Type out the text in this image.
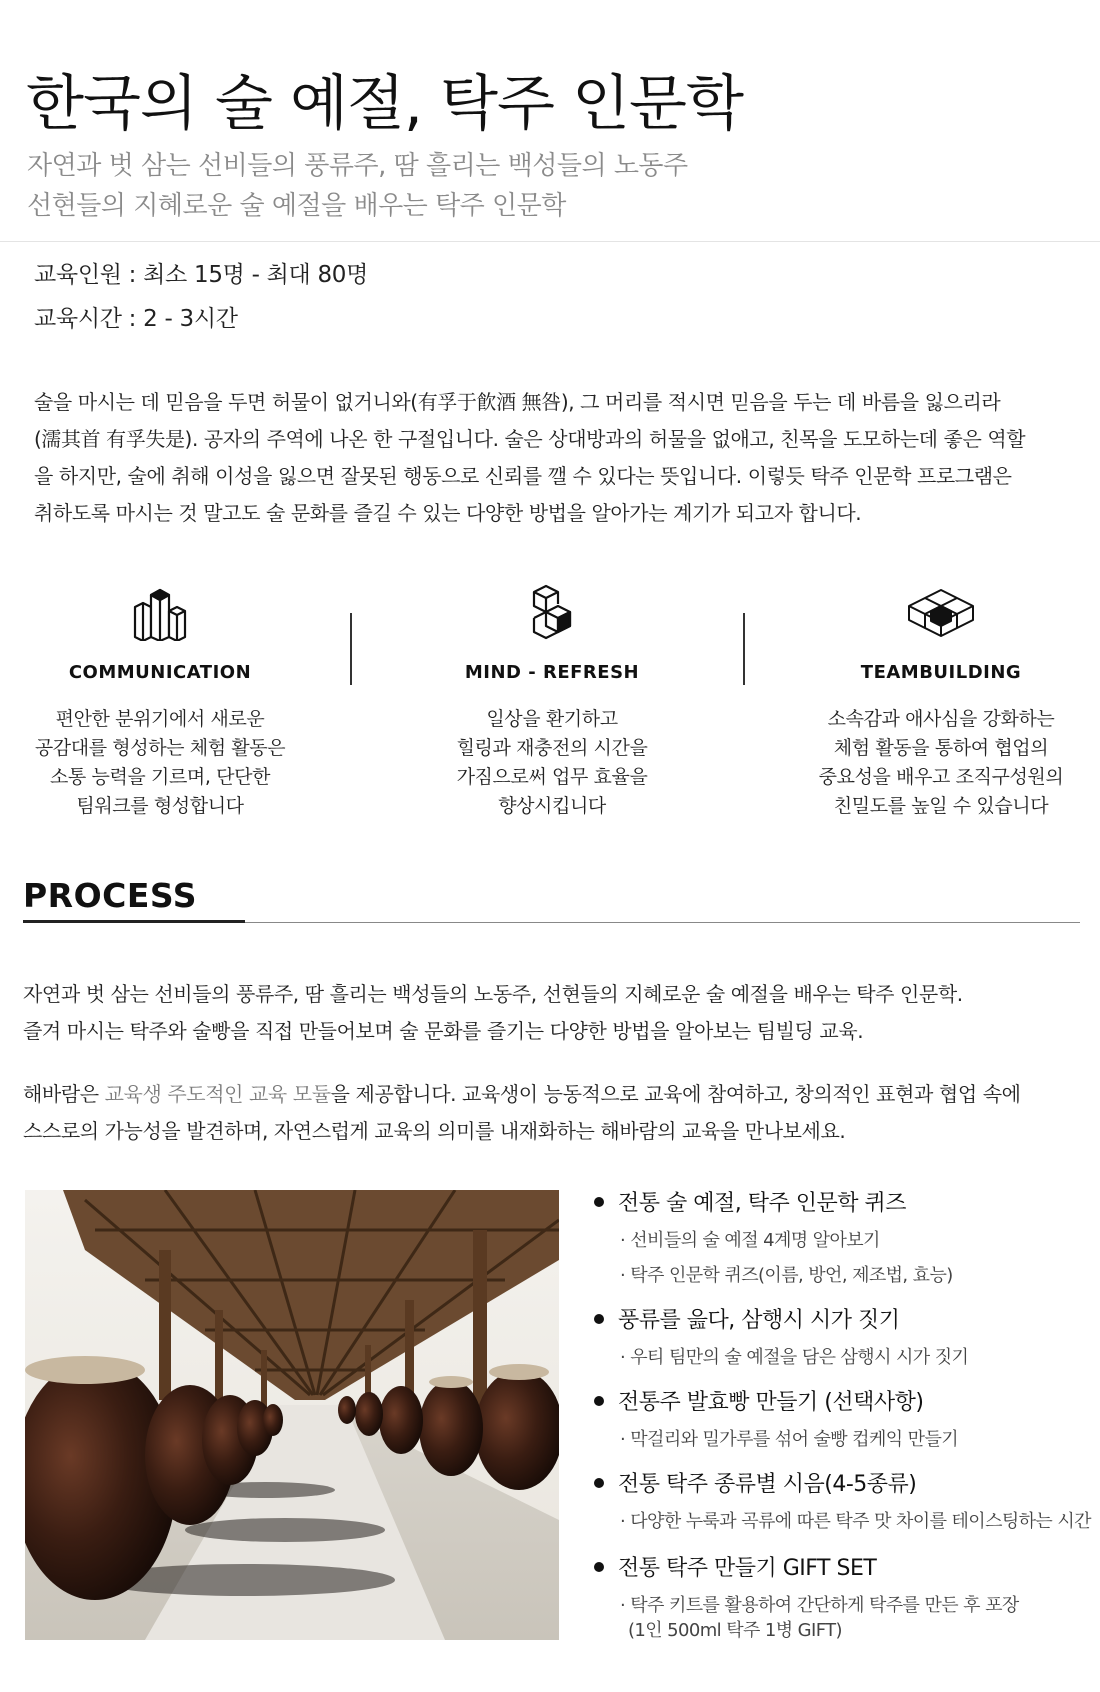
한국의 술 예절, 탁주 인문학
자연과 벗 삼는 선비들의 풍류주, 땀 흘리는 백성들의 노동주
선현들의 지혜로운 술 예절을 배우는 탁주 인문학
교육인원 : 최소 15명 - 최대 80명
교육시간 : 2 - 3시간
술을 마시는 데 믿음을 두면 허물이 없거니와(有孚于飮酒 無咎), 그 머리를 적시면 믿음을 두는 데 바름을 잃으리라
(濡其首 有孚失是). 공자의 주역에 나온 한 구절입니다. 술은 상대방과의 허물을 없애고, 친목을 도모하는데 좋은 역할
을 하지만, 술에 취해 이성을 잃으면 잘못된 행동으로 신뢰를 깰 수 있다는 뜻입니다. 이렇듯 탁주 인문학 프로그램은
취하도록 마시는 것 말고도 술 문화를 즐길 수 있는 다양한 방법을 알아가는 계기가 되고자 합니다.
COMMUNICATION
편안한 분위기에서 새로운
공감대를 형성하는 체험 활동은
소통 능력을 기르며, 단단한
팀워크를 형성합니다
MIND - REFRESH
일상을 환기하고
힐링과 재충전의 시간을
가짐으로써 업무 효율을
향상시킵니다
TEAMBUILDING
소속감과 애사심을 강화하는
체험 활동을 통하여 협업의
중요성을 배우고 조직구성원의
친밀도를 높일 수 있습니다
PROCESS
자연과 벗 삼는 선비들의 풍류주, 땀 흘리는 백성들의 노동주, 선현들의 지혜로운 술 예절을 배우는 탁주 인문학.
즐겨 마시는 탁주와 술빵을 직접 만들어보며 술 문화를 즐기는 다양한 방법을 알아보는 팀빌딩 교육.
해바람은 교육생 주도적인 교육 모듈을 제공합니다. 교육생이 능동적으로 교육에 참여하고, 창의적인 표현과 협업 속에
스스로의 가능성을 발견하며, 자연스럽게 교육의 의미를 내재화하는 해바람의 교육을 만나보세요.
전통 술 예절, 탁주 인문학 퀴즈
· 선비들의 술 예절 4계명 알아보기
· 탁주 인문학 퀴즈(이름, 방언, 제조법, 효능)
풍류를 읊다, 삼행시 시가 짓기
· 우티 팀만의 술 예절을 담은 삼행시 시가 짓기
전통주 발효빵 만들기 (선택사항)
· 막걸리와 밀가루를 섞어 술빵 컵케익 만들기
전통 탁주 종류별 시음(4-5종류)
· 다양한 누룩과 곡류에 따른 탁주 맛 차이를 테이스팅하는 시간
전통 탁주 만들기 GIFT SET
· 탁주 키트를 활용하여 간단하게 탁주를 만든 후 포장
(1인 500ml 탁주 1병 GIFT)
